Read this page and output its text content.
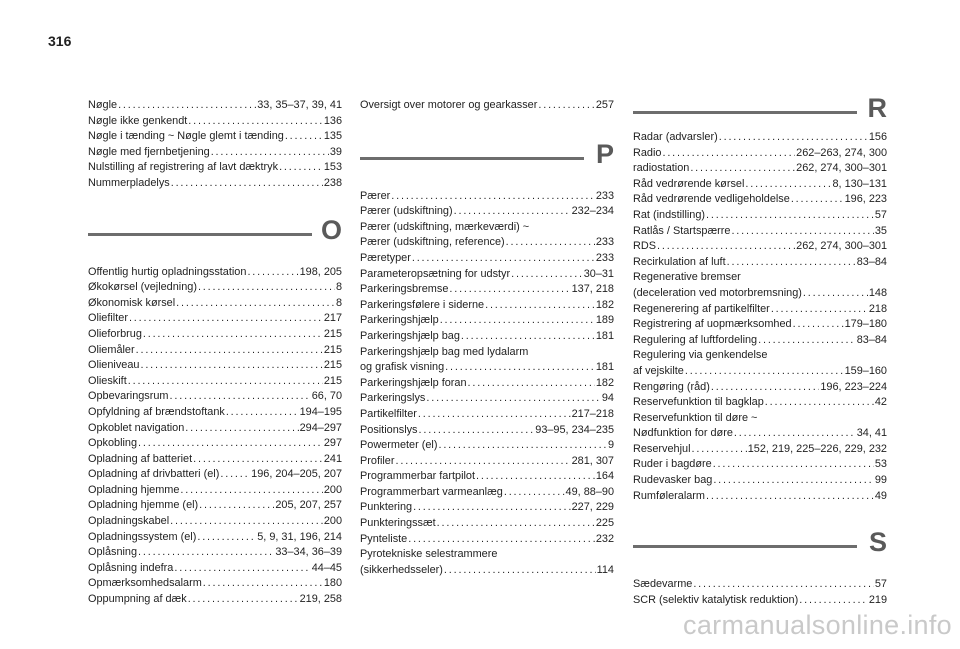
316
Nøgle . . .	33, 35–37, 39, 41
Nøgle ikke genkendt . . .	136
Nøgle i tænding ~ Nøgle glemt i tænding . . .	135
Nøgle med fjernbetjening . . .	39
Nulstilling af registrering af lavt dæktryk . . .	153
Nummerpladelys . . .	238
O
Offentlig hurtig opladningsstation . . .	198, 205
Økokørsel (vejledning) . . .	8
Økonomisk kørsel . . .	8
Oliefilter . . .	217
Olieforbrug . . .	215
Oliemåler . . .	215
Olieniveau . . .	215
Olieskift . . .	215
Opbevaringsrum . . .	66, 70
Opfyldning af brændstoftank . . .	194–195
Opkoblet navigation . . .	294–297
Opkobling . . .	297
Opladning af batteriet . . .	241
Opladning af drivbatteri (el) . . .	196, 204–205, 207
Opladning hjemme . . .	200
Opladning hjemme (el) . . .	205, 207, 257
Opladningskabel . . .	200
Opladningssystem (el) . . .	5, 9, 31, 196, 214
Oplåsning . . .	33–34, 36–39
Oplåsning indefra . . .	44–45
Opmærksomhedsalarm . . .	180
Oppumpning af dæk . . .	219, 258
Oversigt over motorer og gearkasser . . .	257
P
Pærer . . .	233
Pærer (udskiftning) . . .	232–234
Pærer (udskiftning, mærkeværdi) ~
Pærer (udskiftning, reference) . . .	233
Pæretyper . . .	233
Parameteropsætning for udstyr . . .	30–31
Parkeringsbremse . . .	137, 218
Parkeringsfølere i siderne . . .	182
Parkeringshjælp . . .	189
Parkeringshjælp bag . . .	181
Parkeringshjælp bag med lydalarm
og grafisk visning . . .	181
Parkeringshjælp foran . . .	182
Parkeringslys . . .	94
Partikelfilter . . .	217–218
Positionslys . . .	93–95, 234–235
Powermeter (el) . . .	9
Profiler . . .	281, 307
Programmerbar fartpilot . . .	164
Programmerbart varmeanlæg . . .	49, 88–90
Punktering . . .	227, 229
Punkteringssæt . . .	225
Pynteliste . . .	232
Pyrotekniske selestrammere
(sikkerhedsseler) . . .	114
R
Radar (advarsler) . . .	156
Radio . . .	262–263, 274, 300
radiostation . . .	262, 274, 300–301
Råd vedrørende kørsel . . .	8, 130–131
Råd vedrørende vedligeholdelse . . .	196, 223
Rat (indstilling) . . .	57
Ratlås / Startspærre . . .	35
RDS . . .	262, 274, 300–301
Recirkulation af luft . . .	83–84
Regenerative bremser
(deceleration ved motorbremsning) . . .	148
Regenerering af partikelfilter . . .	218
Registrering af uopmærksomhed . . .	179–180
Regulering af luftfordeling . . .	83–84
Regulering via genkendelse
af vejskilte . . .	159–160
Rengøring (råd) . . .	196, 223–224
Reservefunktion til bagklap . . .	42
Reservefunktion til døre ~
Nødfunktion for døre . . .	34, 41
Reservehjul . . .	152, 219, 225–226, 229, 232
Ruder i bagdøre . . .	53
Rudevasker bag . . .	99
Rumføleralarm . . .	49
S
Sædevarme . . .	57
SCR (selektiv katalytisk reduktion) . . .	219
carmanualsonline.info
